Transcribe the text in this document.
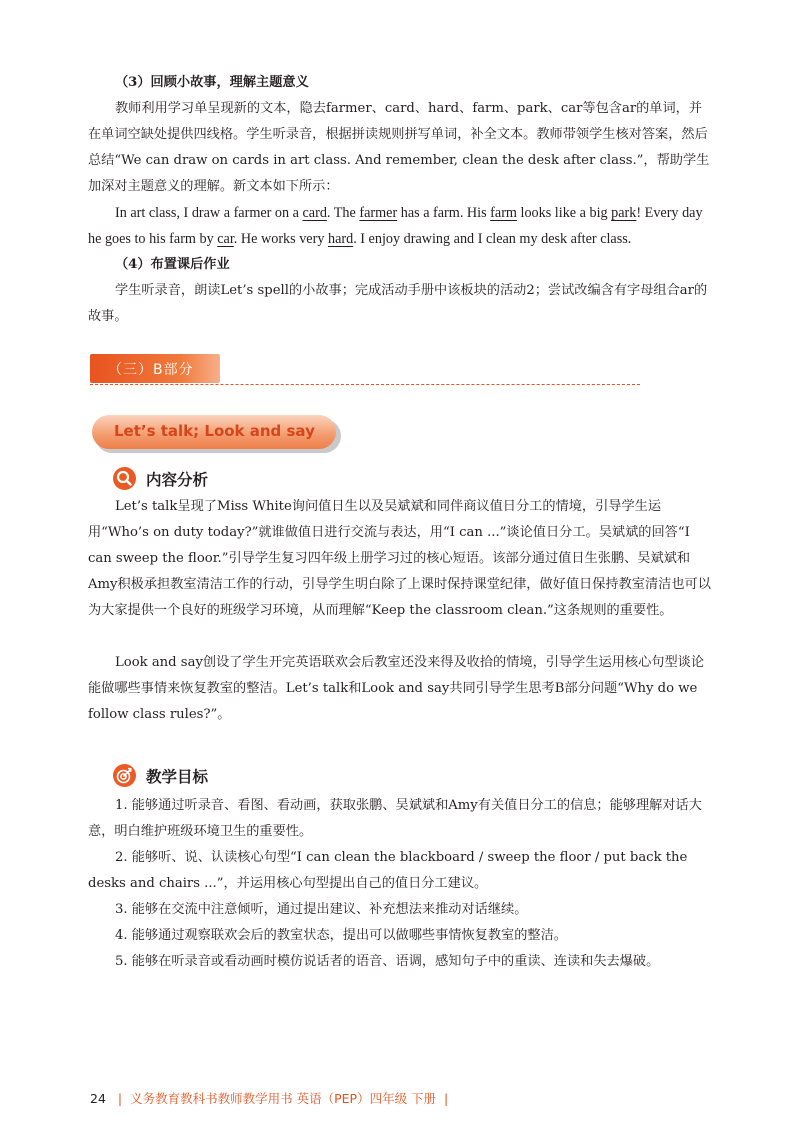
（3）回顾小故事，理解主题意义

教师利用学习单呈现新的文本，隐去farmer、card、hard、farm、park、car等包含ar的单词，并在单词空缺处提供四线格。学生听录音，根据拼读规则拼写单词，补全文本。教师带领学生核对答案，然后总结“We can draw on cards in art class. And remember, clean the desk after class.”，帮助学生加深对主题意义的理解。新文本如下所示：

In art class, I draw a farmer on a card. The farmer has a farm. His farm looks like a big park! Every day he goes to his farm by car. He works very hard. I enjoy drawing and I clean my desk after class.

（4）布置课后作业

学生听录音，朗读Let’s spell的小故事；完成活动手册中该板块的活动2；尝试改编含有字母组合ar的故事。

（三）B部分
Let’s talk; Look and say
内容分析

Let’s talk呈现了Miss White询问值日生以及吴斌斌和同伴商议值日分工的情境，引导学生运用“Who’s on duty today?”就谁做值日进行交流与表达，用“I can ...”谈论值日分工。吴斌斌的回答“I can sweep the floor.”引导学生复习四年级上册学习过的核心短语。该部分通过值日生张鹏、吴斌斌和Amy积极承担教室清洁工作的行动，引导学生明白除了上课时保持课堂纪律，做好值日保持教室清洁也可以为大家提供一个良好的班级学习环境，从而理解“Keep the classroom clean.”这条规则的重要性。

Look and say创设了学生开完英语联欢会后教室还没来得及收拾的情境，引导学生运用核心句型谈论能做哪些事情来恢复教室的整洁。Let’s talk和Look and say共同引导学生思考B部分问题“Why do we follow class rules?”。

教学目标

1. 能够通过听录音、看图、看动画，获取张鹏、吴斌斌和Amy有关值日分工的信息；能够理解对话大意，明白维护班级环境卫生的重要性。

2. 能够听、说、认读核心句型“I can clean the blackboard / sweep the floor / put back the desks and chairs ...”，并运用核心句型提出自己的值日分工建议。

3. 能够在交流中注意倾听，通过提出建议、补充想法来推动对话继续。

4. 能够通过观察联欢会后的教室状态，提出可以做哪些事情恢复教室的整洁。

5. 能够在听录音或看动画时模仿说话者的语音、语调，感知句子中的重读、连读和失去爆破。

24 | 义务教育教科书教师教学用书 英语（PEP）四年级 下册 |
